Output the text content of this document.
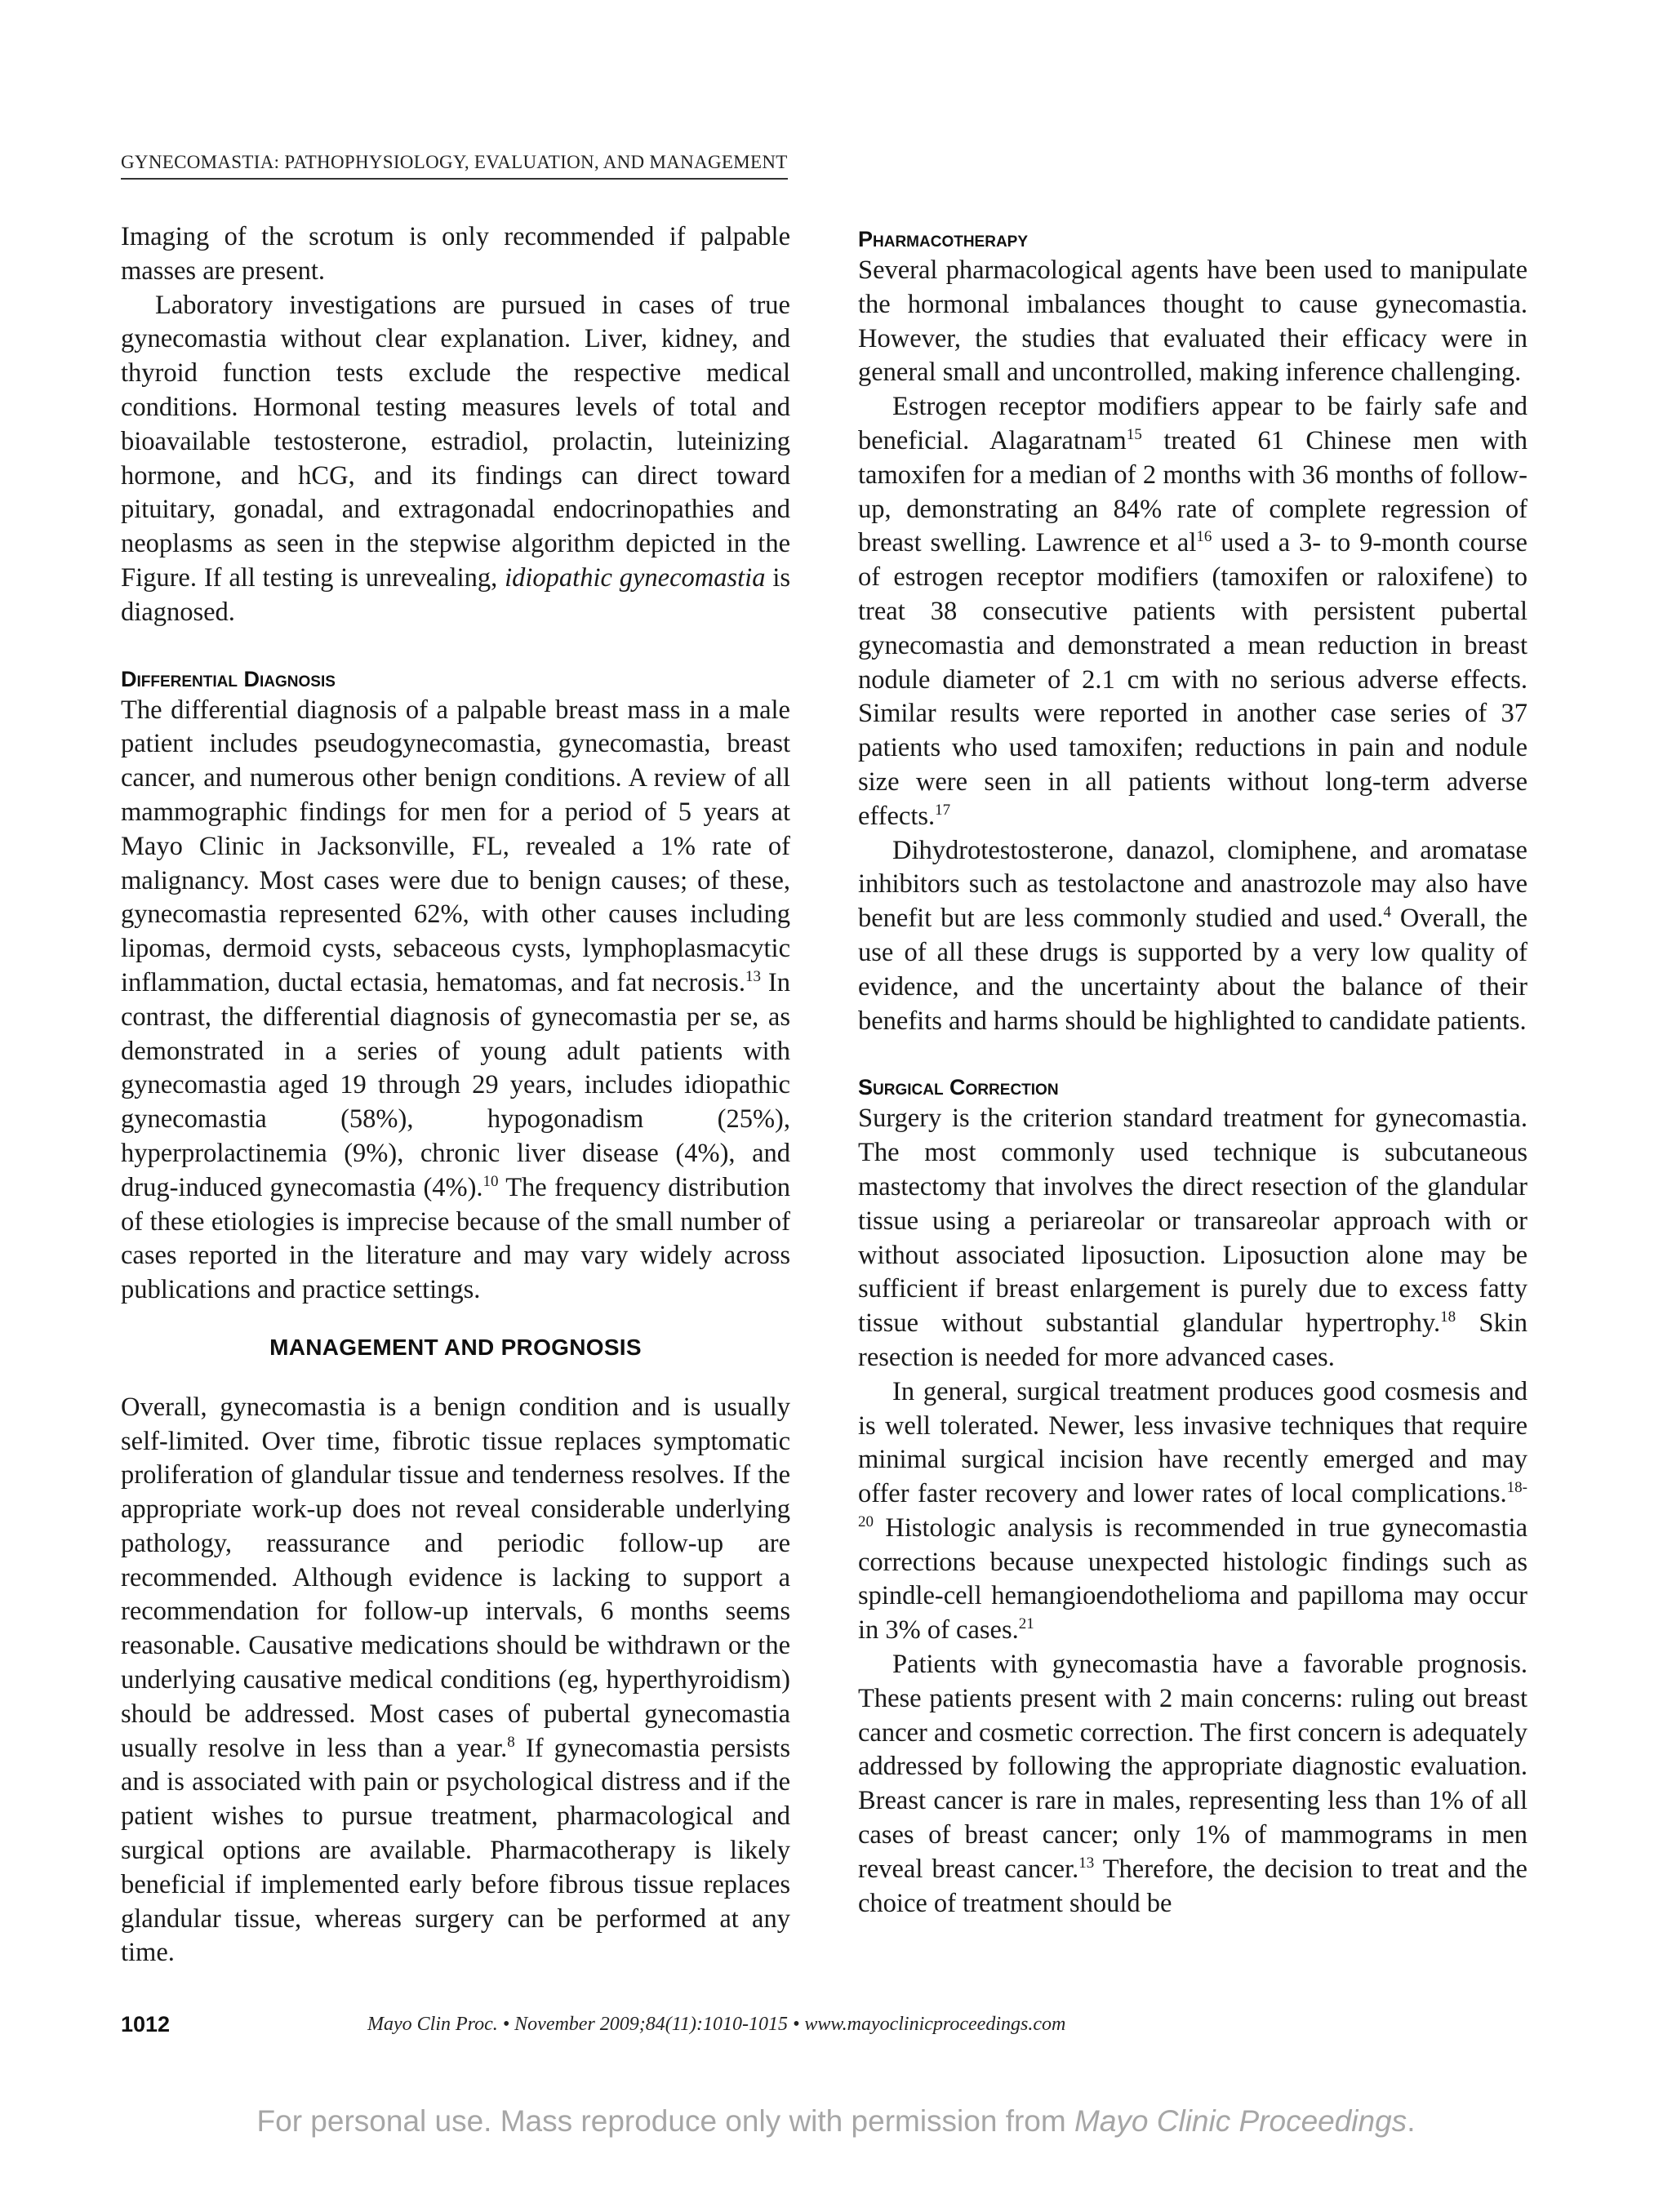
GYNECOMASTIA: PATHOPHYSIOLOGY, EVALUATION, AND MANAGEMENT

Imaging of the scrotum is only recommended if palpable masses are present.

Laboratory investigations are pursued in cases of true gynecomastia without clear explanation. Liver, kidney, and thyroid function tests exclude the respective medical conditions. Hormonal testing measures levels of total and bioavailable testosterone, estradiol, prolactin, luteinizing hormone, and hCG, and its findings can direct toward pituitary, gonadal, and extragonadal endocrinopathies and neoplasms as seen in the stepwise algorithm depicted in the Figure. If all testing is unrevealing, idiopathic gynecomastia is diagnosed.

Differential Diagnosis

The differential diagnosis of a palpable breast mass in a male patient includes pseudogynecomastia, gynecomastia, breast cancer, and numerous other benign conditions. A review of all mammographic findings for men for a period of 5 years at Mayo Clinic in Jacksonville, FL, revealed a 1% rate of malignancy. Most cases were due to benign causes; of these, gynecomastia represented 62%, with other causes including lipomas, dermoid cysts, sebaceous cysts, lymphoplasmacytic inflammation, ductal ectasia, hematomas, and fat necrosis.$^{13}$ In contrast, the differential diagnosis of gynecomastia per se, as demonstrated in a series of young adult patients with gynecomastia aged 19 through 29 years, includes idiopathic gynecomastia (58%), hypogonadism (25%), hyperprolactinemia (9%), chronic liver disease (4%), and drug-induced gynecomastia (4%).$^{10}$ The frequency distribution of these etiologies is imprecise because of the small number of cases reported in the literature and may vary widely across publications and practice settings.

MANAGEMENT AND PROGNOSIS

Overall, gynecomastia is a benign condition and is usually self-limited. Over time, fibrotic tissue replaces symptomatic proliferation of glandular tissue and tenderness resolves. If the appropriate work-up does not reveal considerable underlying pathology, reassurance and periodic follow-up are recommended. Although evidence is lacking to support a recommendation for follow-up intervals, 6 months seems reasonable. Causative medications should be withdrawn or the underlying causative medical conditions (eg, hyperthyroidism) should be addressed. Most cases of pubertal gynecomastia usually resolve in less than a year.$^8$ If gynecomastia persists and is associated with pain or psychological distress and if the patient wishes to pursue treatment, pharmacological and surgical options are available. Pharmacotherapy is likely beneficial if implemented early before fibrous tissue replaces glandular tissue, whereas surgery can be performed at any time.

Pharmacotherapy

Several pharmacological agents have been used to manipulate the hormonal imbalances thought to cause gynecomastia. However, the studies that evaluated their efficacy were in general small and uncontrolled, making inference challenging.

Estrogen receptor modifiers appear to be fairly safe and beneficial. Alagaratnam$^{15}$ treated 61 Chinese men with tamoxifen for a median of 2 months with 36 months of follow-up, demonstrating an 84% rate of complete regression of breast swelling. Lawrence et $al^{16}$ used a 3- to 9-month course of estrogen receptor modifiers (tamoxifen or raloxifene) to treat 38 consecutive patients with persistent pubertal gynecomastia and demonstrated a mean reduction in breast nodule diameter of 2.1 cm with no serious adverse effects. Similar results were reported in another case series of 37 patients who used tamoxifen; reductions in pain and nodule size were seen in all patients without long-term adverse effects.$^{17}$

Dihydrotestosterone, danazol, clomiphene, and aromatase inhibitors such as testolactone and anastrozole may also have benefit but are less commonly studied and used.$^4$ Overall, the use of all these drugs is supported by a very low quality of evidence, and the uncertainty about the balance of their benefits and harms should be highlighted to candidate patients.

Surgical Correction

Surgery is the criterion standard treatment for gynecomastia. The most commonly used technique is subcutaneous mastectomy that involves the direct resection of the glandular tissue using a periareolar or transareolar approach with or without associated liposuction. Liposuction alone may be sufficient if breast enlargement is purely due to excess fatty tissue without substantial glandular hypertrophy.$^{18}$ Skin resection is needed for more advanced cases.

In general, surgical treatment produces good cosmesis and is well tolerated. Newer, less invasive techniques that require minimal surgical incision have recently emerged and may offer faster recovery and lower rates of local complications.$^{18-20}$ Histologic analysis is recommended in true gynecomastia corrections because unexpected histologic findings such as spindle-cell hemangioendothelioma and papilloma may occur in 3% of cases.$^{21}$

Patients with gynecomastia have a favorable prognosis. These patients present with 2 main concerns: ruling out breast cancer and cosmetic correction. The first concern is adequately addressed by following the appropriate diagnostic evaluation. Breast cancer is rare in males, representing less than 1% of all cases of breast cancer; only 1% of mammograms in men reveal breast cancer.$^{13}$ Therefore, the decision to treat and the choice of treatment should be

1012	Mayo Clin Proc. • November 2009;84(11):1010-1015 • www.mayoclinicproceedings.com
For personal use. Mass reproduce only with permission from Mayo Clinic Proceedings.
